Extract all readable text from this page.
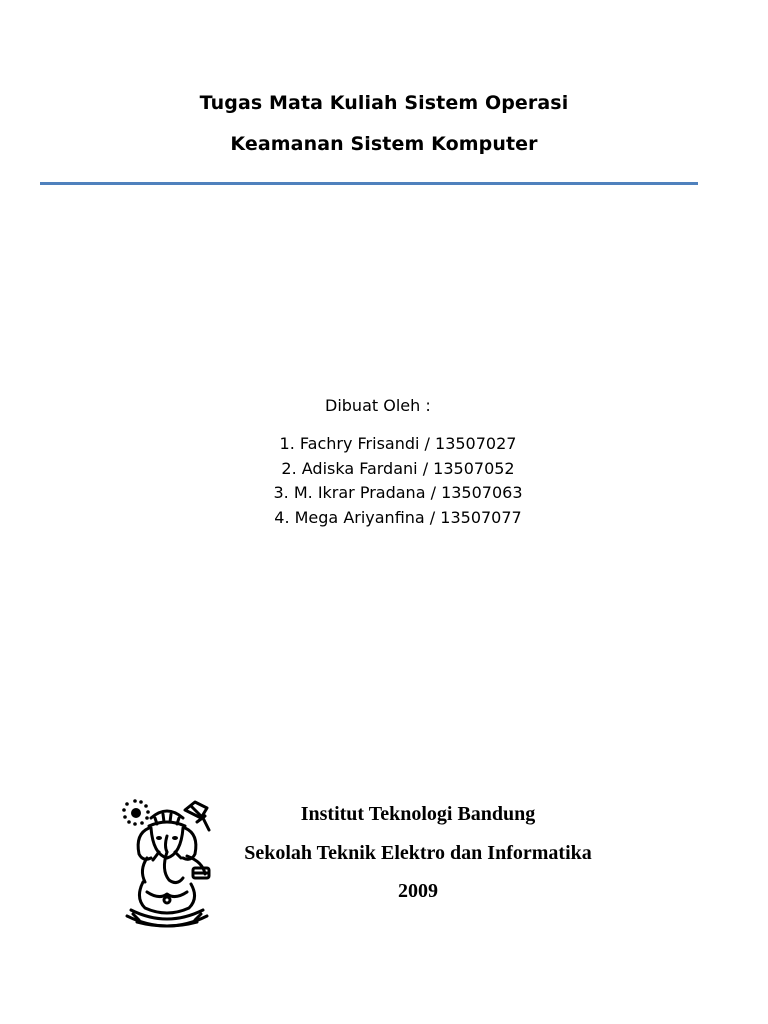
Tugas Mata Kuliah Sistem Operasi
Keamanan Sistem Komputer
Dibuat Oleh :
1. Fachry Frisandi / 13507027
2. Adiska Fardani / 13507052
3. M. Ikrar Pradana / 13507063
4. Mega Ariyanfina / 13507077
Institut Teknologi Bandung
Sekolah Teknik Elektro dan Informatika
2009
